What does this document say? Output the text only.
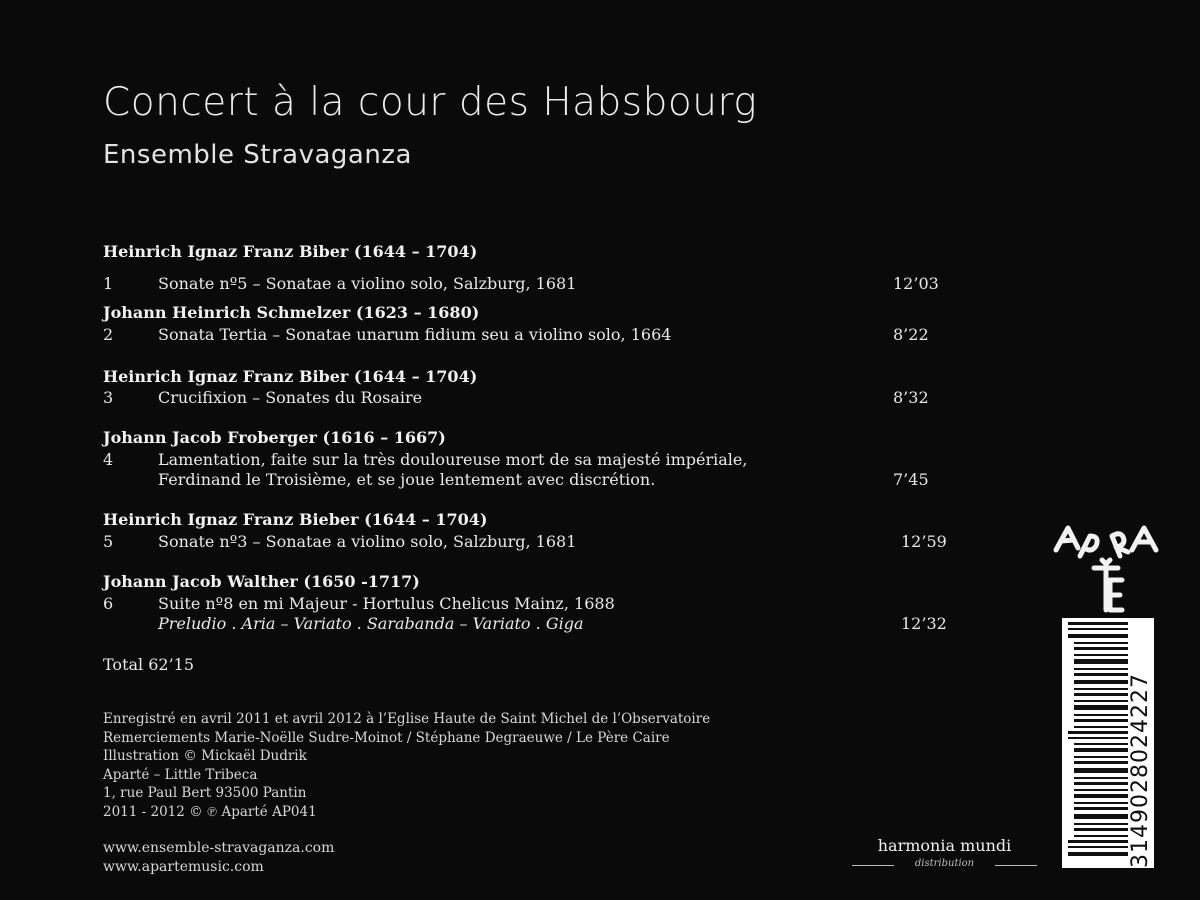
Concert à la cour des Habsbourg
Ensemble Stravaganza
Heinrich Ignaz Franz Biber (1644 – 1704)
1	Sonate nº5 – Sonatae a violino solo, Salzburg, 1681	12’03
Johann Heinrich Schmelzer (1623 – 1680)
2	Sonata Tertia – Sonatae unarum fidium seu a violino solo, 1664	8’22
Heinrich Ignaz Franz Biber (1644 – 1704)
3	Crucifixion – Sonates du Rosaire	8’32
Johann Jacob Froberger (1616 – 1667)
4	Lamentation, faite sur la très douloureuse mort de sa majesté impériale,
Ferdinand le Troisième, et se joue lentement avec discrétion.	7’45
Heinrich Ignaz Franz Bieber (1644 – 1704)
5	Sonate nº3 – Sonatae a violino solo, Salzburg, 1681	12’59
Johann Jacob Walther (1650 -1717)
6	Suite nº8 en mi Majeur - Hortulus Chelicus Mainz, 1688
Preludio . Aria – Variato . Sarabanda – Variato . Giga	12’32
Total 62’15
Enregistré en avril 2011 et avril 2012 à l’Eglise Haute de Saint Michel de l’Observatoire
Remerciements Marie-Noëlle Sudre-Moinot / Stéphane Degraeuwe / Le Père Caire
Illustration © Mickaël Dudrik
Aparté – Little Tribeca
1, rue Paul Bert 93500 Pantin
2011 - 2012 © ℗ Aparté AP041
www.ensemble-stravaganza.com
www.apartemusic.com
harmonia mundi
distribution	3149028024227
